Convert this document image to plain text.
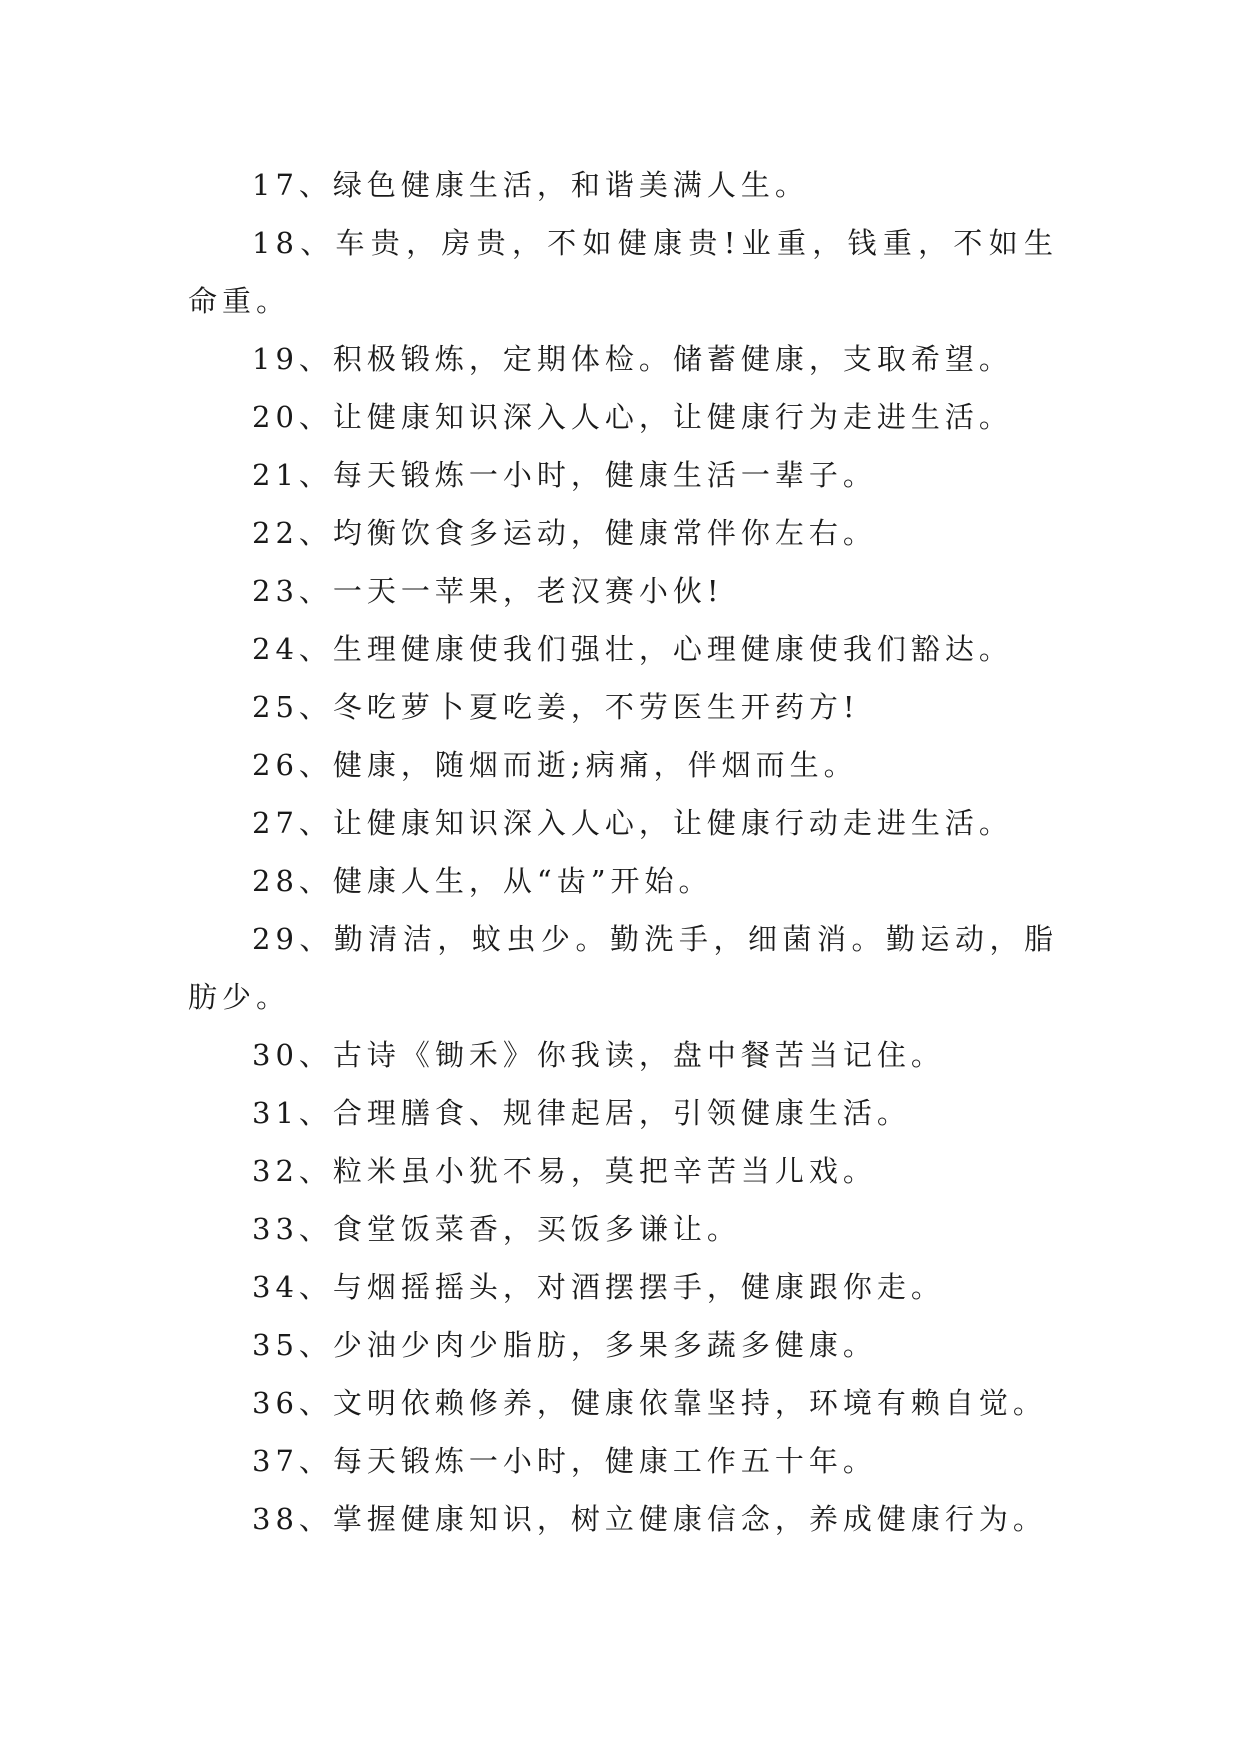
17、绿色健康生活，和谐美满人生。

18、车贵，房贵，不如健康贵!业重，钱重，不如生命重。

19、积极锻炼，定期体检。储蓄健康，支取希望。

20、让健康知识深入人心，让健康行为走进生活。

21、每天锻炼一小时，健康生活一辈子。

22、均衡饮食多运动，健康常伴你左右。

23、一天一苹果，老汉赛小伙!

24、生理健康使我们强壮，心理健康使我们豁达。

25、冬吃萝卜夏吃姜，不劳医生开药方!

26、健康，随烟而逝;病痛，伴烟而生。

27、让健康知识深入人心，让健康行动走进生活。

28、健康人生，从“齿”开始。

29、勤清洁，蚊虫少。勤洗手，细菌消。勤运动，脂肪少。

30、古诗《锄禾》你我读，盘中餐苦当记住。

31、合理膳食、规律起居，引领健康生活。

32、粒米虽小犹不易，莫把辛苦当儿戏。

33、食堂饭菜香，买饭多谦让。

34、与烟摇摇头，对酒摆摆手，健康跟你走。

35、少油少肉少脂肪，多果多蔬多健康。

36、文明依赖修养，健康依靠坚持，环境有赖自觉。

37、每天锻炼一小时，健康工作五十年。

38、掌握健康知识，树立健康信念，养成健康行为。
